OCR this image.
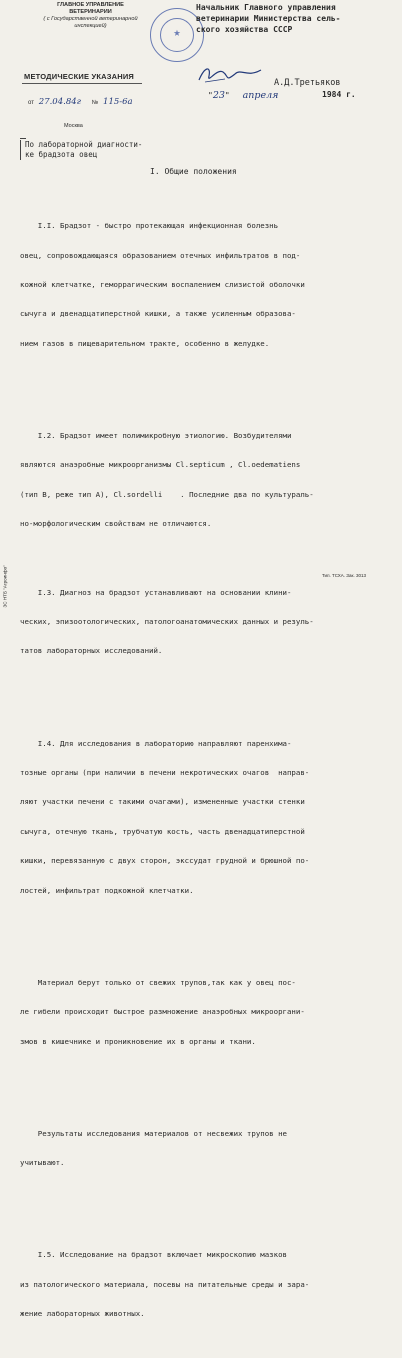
ГЛАВНОЕ УПРАВЛЕНИЕ
ВЕТЕРИНАРИИ
( с Государственной ветеринарной
инспекцией)	★
МЕТОДИЧЕСКИЕ УКАЗАНИЯ
от 27.04.84г № 115-6а
Москва
Начальник Главного управления
ветеринарии Министерства сель-
ского хозяйства СССР
А.Д.Третьяков
"23" апреля	1984 г.
По лабораторной диагности-
ке брадзота овец
I. Общие положения

I.I. Брадзот - быстро протекающая инфекционная болезнь

овец, сопровождающаяся образованием отечных инфильтратов в под-

кожной клетчатке, геморрагическим воспалением слизистой оболочки

сычуга и двенадцатиперстной кишки, а также усиленным образова-

нием газов в пищеварительном тракте, особенно в желудке.

I.2. Брадзот имеет полимикробную этиологию. Возбудителями

являются анаэробные микроорганизмы Cl.septicum , Cl.oedematiens

(тип В, реже тип А), Cl.sordelli    . Последние два по культураль-

но-морфологическим свойствам не отличаются.

I.3. Диагноз на брадзот устанавливают на основании клини-

ческих, эпизоотологических, патологоанатомических данных и резуль-

татов лабораторных исследований.

I.4. Для исследования в лабораторию направляют паренхима-

тозные органы (при наличии в печени некротических очагов  направ-

ляют участки печени с такими очагами), измененные участки стенки

сычуга, отечную ткань, трубчатую кость, часть двенадцатиперстной

кишки, перевязанную с двух сторон, экссудат грудной и брюшной по-

лостей, инфильтрат подкожной клетчатки.

Материал берут только от свежих трупов,так как у овец пос-

ле гибели происходит быстрое размножение анаэробных микрооргани-

змов в кишечнике и проникновение их в органы и ткани.

Результаты исследования материалов от несвежих трупов не

учитывают.

I.5. Исследование на брадзот включает микроскопию мазков

из патологического материала, посевы на питательные среды и зара-

жение лабораторных животных.

Тип. ТСХА. Зак. 3013
ЗС НТБ "Агроинфо"
